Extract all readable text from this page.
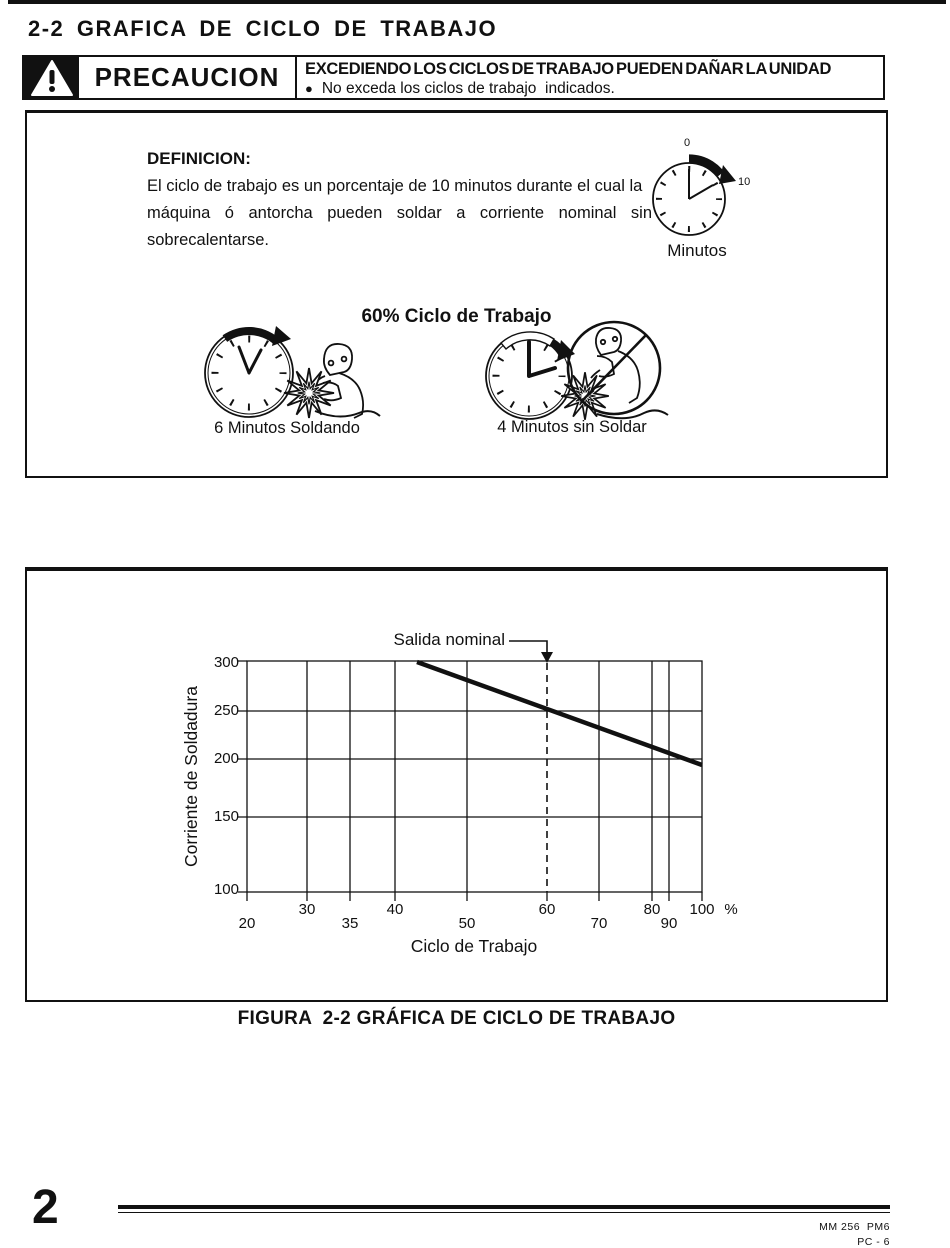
2-2 GRAFICA DE CICLO DE TRABAJO
PRECAUCION EXCEDIENDO LOS CICLOS DE TRABAJO PUEDEN DAÑAR LA UNIDAD
● No exceda los ciclos de trabajo  indicados.
DEFINICION:
El ciclo de trabajo es un porcentaje de 10 minutos durante el cual la
máquina ó antorcha pueden soldar a corriente nominal sin
sobrecalentarse.
0
10
Minutos
60% Ciclo de Trabajo
6 Minutos Soldando	4 Minutos sin Soldar
Salida nominal
Corriente de Soldadura
Ciclo de Trabajo
300
250
200
150
100
20
30
35
40
50
60
70
80
90
100 %
FIGURA  2-2 GRÁFICA DE CICLO DE TRABAJO
2	MM 256  PM6
PC - 6
